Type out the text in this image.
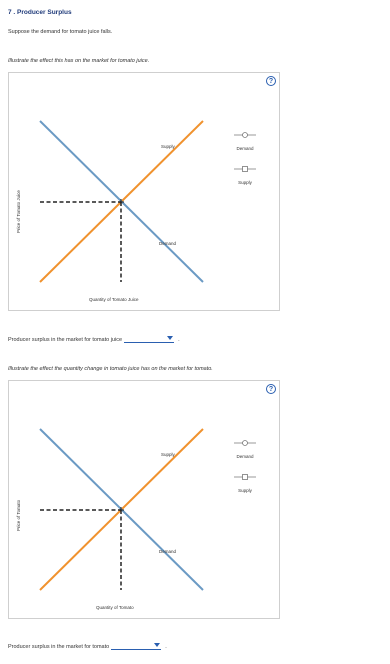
7 . Producer Surplus
Suppose the demand for tomato juice falls.
Illustrate the effect this has on the market for tomato juice.
?
Price of Tomato Juice
Quantity of Tomato Juice
Supply
Demand
Demand
Supply
Producer surplus in the market for tomato juice	.
Illustrate the effect the quantity change in tomato juice has on the market for tomato.
?
Price of Tomato
Quantity of Tomato
Supply
Demand
Demand
Supply
Producer surplus in the market for tomato	.
